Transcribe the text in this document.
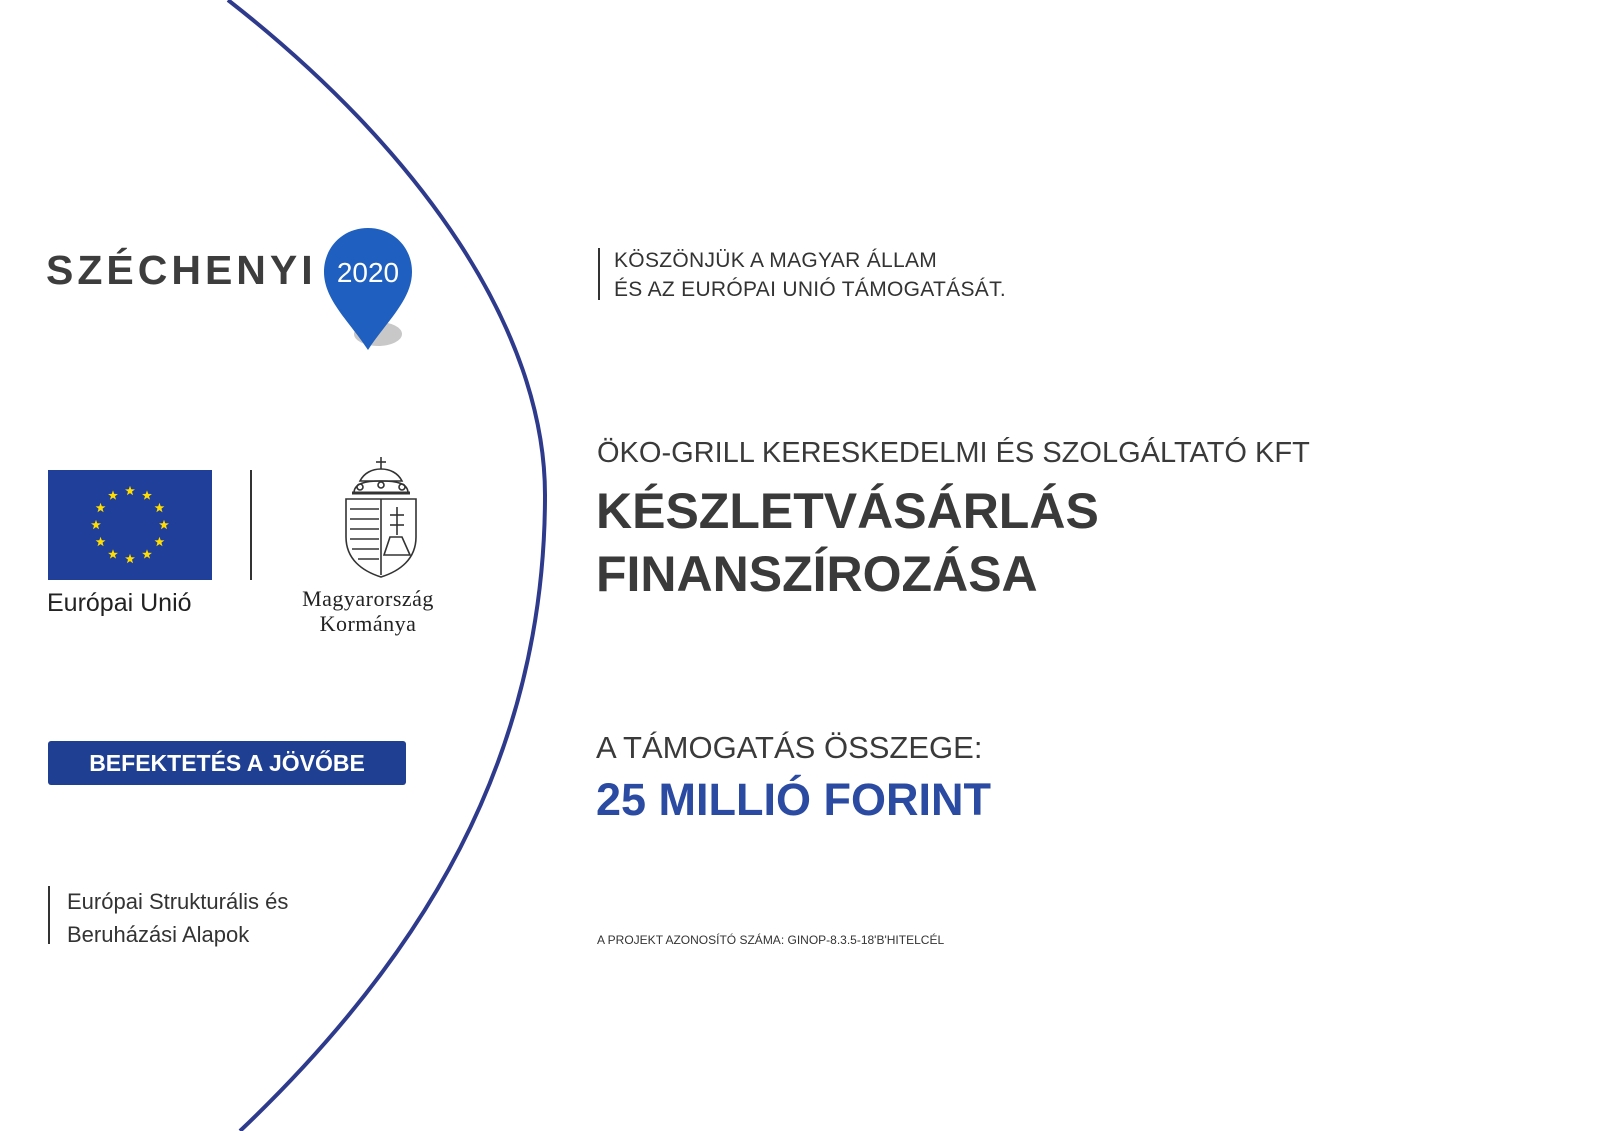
SZÉCHENYI 2020
Európai Unió	Magyarország
Kormánya
BEFEKTETÉS A JÖVŐBE
Európai Strukturális és
Beruházási Alapok
KÖSZÖNJÜK A MAGYAR ÁLLAM
ÉS AZ EURÓPAI UNIÓ TÁMOGATÁSÁT.
ÖKO-GRILL KERESKEDELMI ÉS SZOLGÁLTATÓ KFT
KÉSZLETVÁSÁRLÁS
FINANSZÍROZÁSA
A TÁMOGATÁS ÖSSZEGE:
25 MILLIÓ FORINT
A PROJEKT AZONOSÍTÓ SZÁMA: GINOP-8.3.5-18'B'HITELCÉL
